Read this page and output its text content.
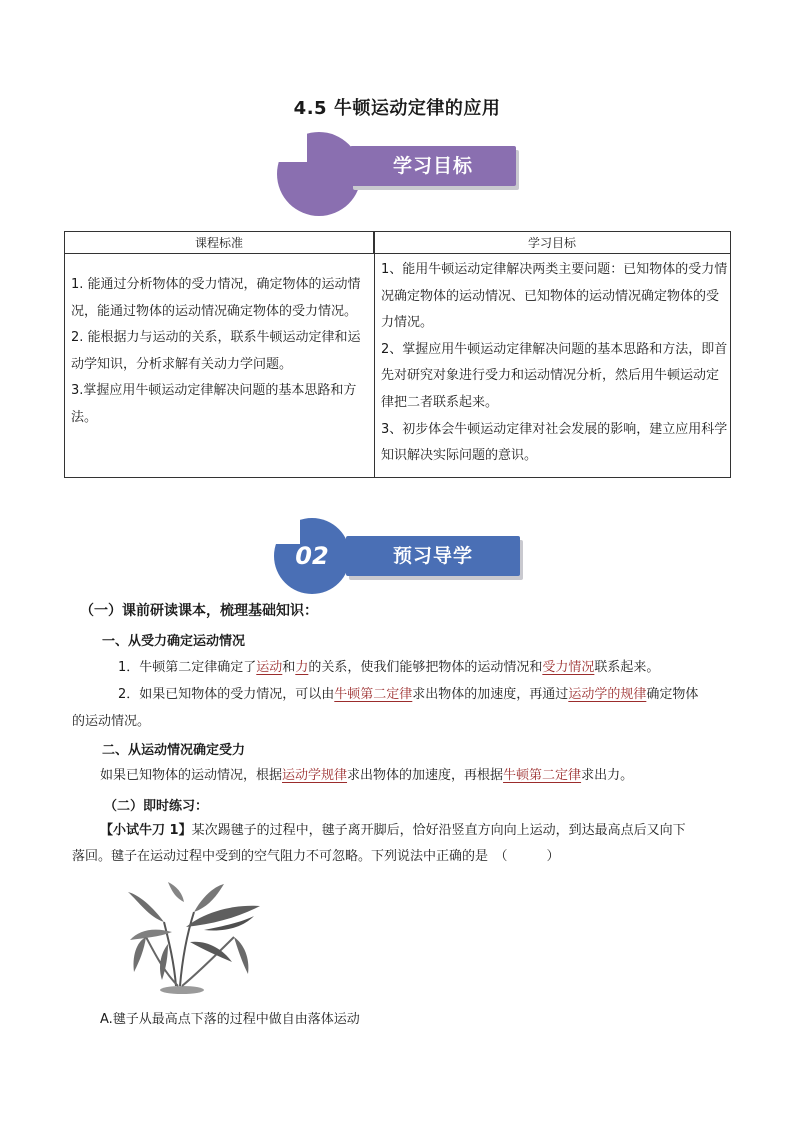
4.5 牛顿运动定律的应用
学习目标
课程标准	学习目标

1. 能通过分析物体的受力情况，确定物体的运动情况，能通过物体的运动情况确定物体的受力情况。

2. 能根据力与运动的关系，联系牛顿运动定律和运动学知识，分析求解有关动力学问题。

3.掌握应用牛顿运动定律解决问题的基本思路和方法。

1、能用牛顿运动定律解决两类主要问题：已知物体的受力情况确定物体的运动情况、已知物体的运动情况确定物体的受力情况。

2、掌握应用牛顿运动定律解决问题的基本思路和方法，即首先对研究对象进行受力和运动情况分析，然后用牛顿运动定律把二者联系起来。

3、初步体会牛顿运动定律对社会发展的影响，建立应用科学知识解决实际问题的意识。

02	预习导学
（一）课前研读课本，梳理基础知识：
一、从受力确定运动情况
1．牛顿第二定律确定了运动和力的关系，使我们能够把物体的运动情况和受力情况联系起来。
2．如果已知物体的受力情况，可以由牛顿第二定律求出物体的加速度，再通过运动学的规律确定物体
的运动情况。
二、从运动情况确定受力
如果已知物体的运动情况，根据运动学规律求出物体的加速度，再根据牛顿第二定律求出力。
（二）即时练习：
【小试牛刀 1】某次踢毽子的过程中，毽子离开脚后，恰好沿竖直方向向上运动，到达最高点后又向下
落回。毽子在运动过程中受到的空气阻力不可忽略。下列说法中正确的是　（　　　）
A.毽子从最高点下落的过程中做自由落体运动
